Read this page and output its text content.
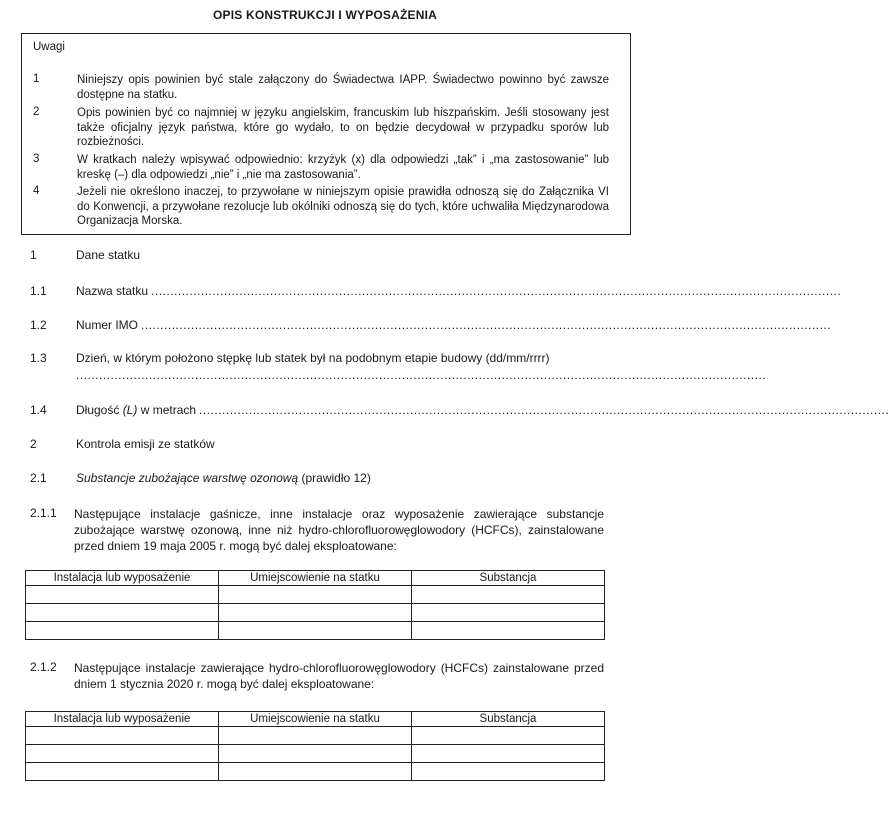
OPIS KONSTRUKCJI I WYPOSAŻENIA
Uwagi
1	Niniejszy opis powinien być stale załączony do Świadectwa IAPP. Świadectwo powinno być zawsze dostępne na statku.
2	Opis powinien być co najmniej w języku angielskim, francuskim lub hiszpańskim. Jeśli stosowany jest także oficjalny język państwa, które go wydało, to on będzie decydował w przypadku sporów lub rozbieżności.
3	W kratkach należy wpisywać odpowiednio: krzyżyk (x) dla odpowiedzi „tak” i „ma zastosowanie” lub kreskę (–) dla odpowiedzi „nie” i „nie ma zastosowania”.
4	Jeżeli nie określono inaczej, to przywołane w niniejszym opisie prawidła odnoszą się do Załącznika VI do Konwencji, a przywołane rezolucje lub okólniki odnoszą się do tych, które uchwaliła Międzynarodowa Organizacja Morska.
1	Dane statku
1.1 Nazwa statku ....................................................................................................................................................................................
1.2 Numer IMO ....................................................................................................................................................................................
1.3 Dzień, w którym położono stępkę lub statek był na podobnym etapie budowy (dd/mm/rrrr)
....................................................................................................................................................................................
1.4 Długość (L) w metrach ....................................................................................................................................................................................
2	Kontrola emisji ze statków
2.1 Substancje zubożające warstwę ozonową (prawidło 12)
2.1.1 Następujące instalacje gaśnicze, inne instalacje oraz wyposażenie zawierające substancje zubożające warstwę ozonową, inne niż hydro-chlorofluorowęglowodory (HCFCs), zainstalowane przed dniem 19 maja 2005 r. mogą być dalej eksploatowane:
Instalacja lub wyposażenie	Umiejscowienie na statku	Substancja

2.1.2 Następujące instalacje zawierające hydro-chlorofluorowęglowodory (HCFCs) zainstalowane przed dniem 1 stycznia 2020 r. mogą być dalej eksploatowane:
Instalacja lub wyposażenie	Umiejscowienie na statku	Substancja
